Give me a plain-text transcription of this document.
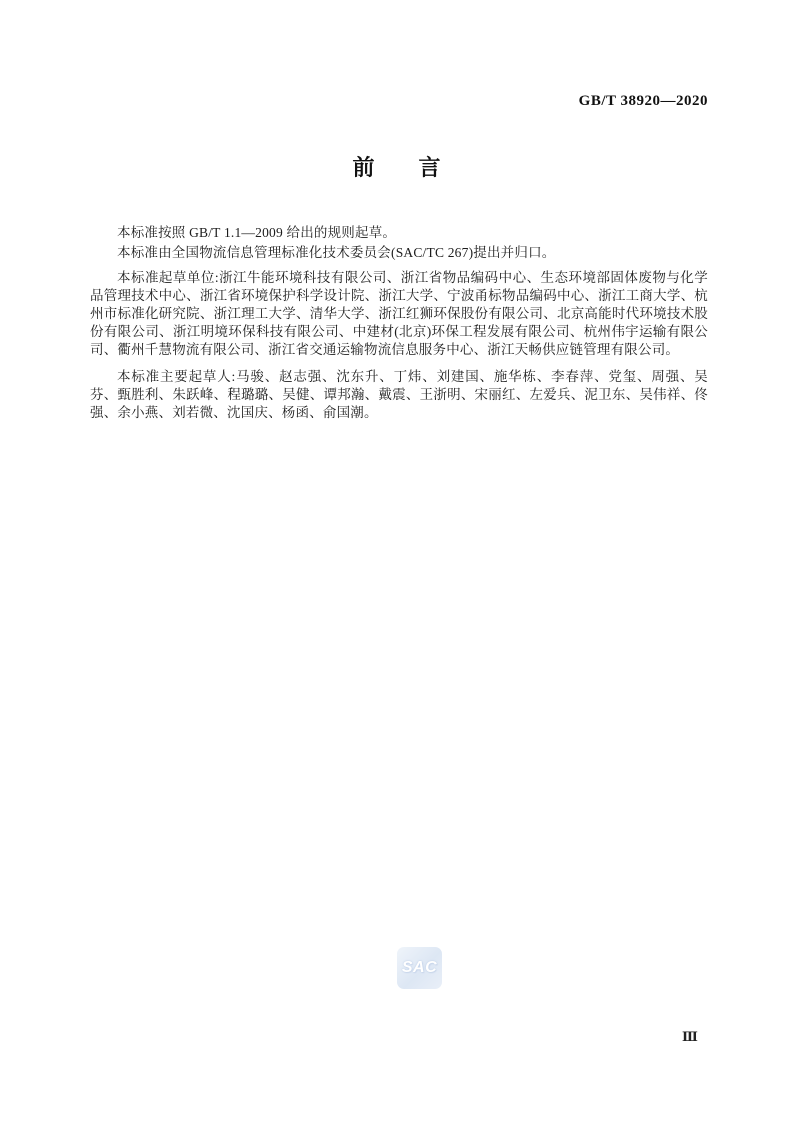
GB/T 38920—2020
前　　言

本标准按照 GB/T 1.1—2009 给出的规则起草。

本标准由全国物流信息管理标准化技术委员会(SAC/TC 267)提出并归口。

本标准起草单位:浙江牛能环境科技有限公司、浙江省物品编码中心、生态环境部固体废物与化学品管理技术中心、浙江省环境保护科学设计院、浙江大学、宁波甬标物品编码中心、浙江工商大学、杭州市标准化研究院、浙江理工大学、清华大学、浙江红狮环保股份有限公司、北京高能时代环境技术股份有限公司、浙江明境环保科技有限公司、中建材(北京)环保工程发展有限公司、杭州伟宇运输有限公司、衢州千慧物流有限公司、浙江省交通运输物流信息服务中心、浙江天畅供应链管理有限公司。

本标准主要起草人:马骏、赵志强、沈东升、丁炜、刘建国、施华栋、李春萍、党玺、周强、吴芬、甄胜利、朱跃峰、程璐璐、吴健、谭邦瀚、戴震、王浙明、宋丽红、左爱兵、泥卫东、吴伟祥、佟强、余小燕、刘若微、沈国庆、杨函、俞国潮。

SAC
Ⅲ
